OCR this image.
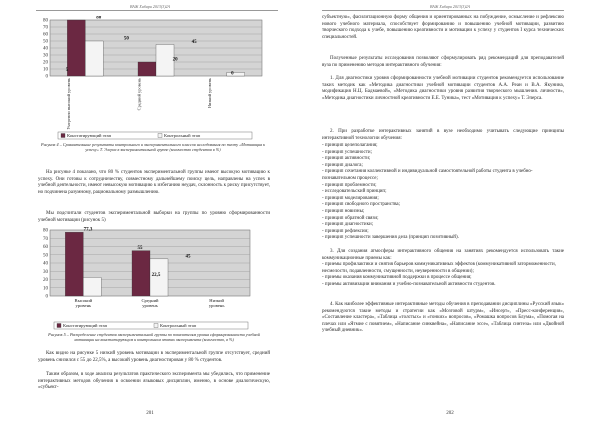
ВАЖ Хабари 2013(3)2А
80
70
60
50
40
30
20
10
0
Умеренно высокий уровень	Средний уровень	Низкий уровень
80
50
20
45
0
5
Констатирующий этап	Контрольный этап

Рисунок 4 – Сравнительные результаты контрольного и экспериментального классов исследования по тесту «Мотивация к успеху» Т. Элерса в экспериментальной группе (количество студентов в %)

На рисунке 4 показано, что 80 % студентов экспериментальной группы имеют высокую мотивацию к успеху. Они готовы к сотрудничеству, совместному дальнейшему поиску цель, направлены на успех в учебной деятельности, имеют невысокую мотивацию к избеганию неудач, склонность к риску присутствует, но подчинена разумному, рациональному размышлению.

Мы подсчитали студентов экспериментальной выборки на группы по уровню сформированности учебной мотивации (рисунок 5)

80
70
60
50
40
30
20
10
0
Высокий
уровень
Средний
уровень
Низкий
уровень
77,3
55
22,5
45
Констатирующий этап	Контрольный этап

Рисунок 5 – Распределение студентов экспериментальной группы по показателям уровня сформированности учебной мотивации на констатирующем и контрольном этапах эксперимента (количество, в %)

Как видно на рисунке 5 низкий уровень мотивации в экспериментальной группе отсутствует, средний уровень снизился с 55 до 22,5%, а высокий уровень диагностирован у 80 % студентов.

Таким образом, в ходе анализа результатов практического эксперимента мы убедились, что применение интерактивных методов обучения в освоении языковых дисциплин, именно, в основе диалогическую, «субъект-

201
ВАЖ Хабари 2013(3)2А

субъектную», фасилитационную форму общения и ориентированных на побуждение, осмысление и рефлексию нового учебного материала, способствует формированию и повышению учебной мотивации, развитию творческого подхода к учебе, повышению креативности и мотивации к успеху у студентов I курса технических специальностей.

Полученные результаты исследования позволяют сформулировать ряд рекомендаций для преподавателей вуза по применению методов интерактивного обучения:

1. Для диагностики уровня сформированности учебной мотивации студентов рекомендуется использование таких методик как «Методика диагностики учебной мотивации студентов А.А. Реан и В.А. Якунина, модификация Н.Ц. Бадмаевой», «Методика диагностики уровня развития творческого мышления. личности», «Методика диагностики личностной креативности Е.Е. Туника», тест «Мотивация к успеху» Т. Элерса.

2. При разработке интерактивных занятий в вузе необходимо учитывать следующие принципы интерактивной технологии обучения:

- принцип целеполагания;
- принцип успешности;
- принцип активности;
- принцип диалога;
- принцип сочетания коллективной и индивидуальной самостоятельной работы студента в учебно-познавательном процессе;
- принцип проблемности;
- исследовательский принцип;
- принцип моделирования;
- принцип свободного пространства;
- принцип новизны;
- принцип обратной связи;
- принцип диагностики;
- принцип рефлексии;
- принцип успешности завершения дела (принцип позитивный).

3. Для создания атмосферы интерактивного общения на занятиях рекомендуется использовать такие коммуникационные приемы как:

- приемы профилактики и снятия барьеров коммуникативных эффектов (коммуникативной заторможенности, несмелости, подавленности, смущенности, неуверенности в общении);
- приемы оказания коммуникативной поддержки в процессе общения;
- приемы активизации внимания и учебно-познавательной активности студентов.

4. Как наиболее эффективные интерактивные методы обучения в преподавании дисциплины «Русский язык» рекомендуются такие методы и стратегии как «Мозговой штурм», «Инсерт», «Пресс-конференция», «Составление кластера», «Таблица «толстых» и «тонких» вопросов», «Ромашка вопросов Блума», «Помогая на плечах или «Ятмие с повятием», «Написание синквейна», «Написание эссе», «Таблица синтеза» или «Двойной учебный дневник».

202
